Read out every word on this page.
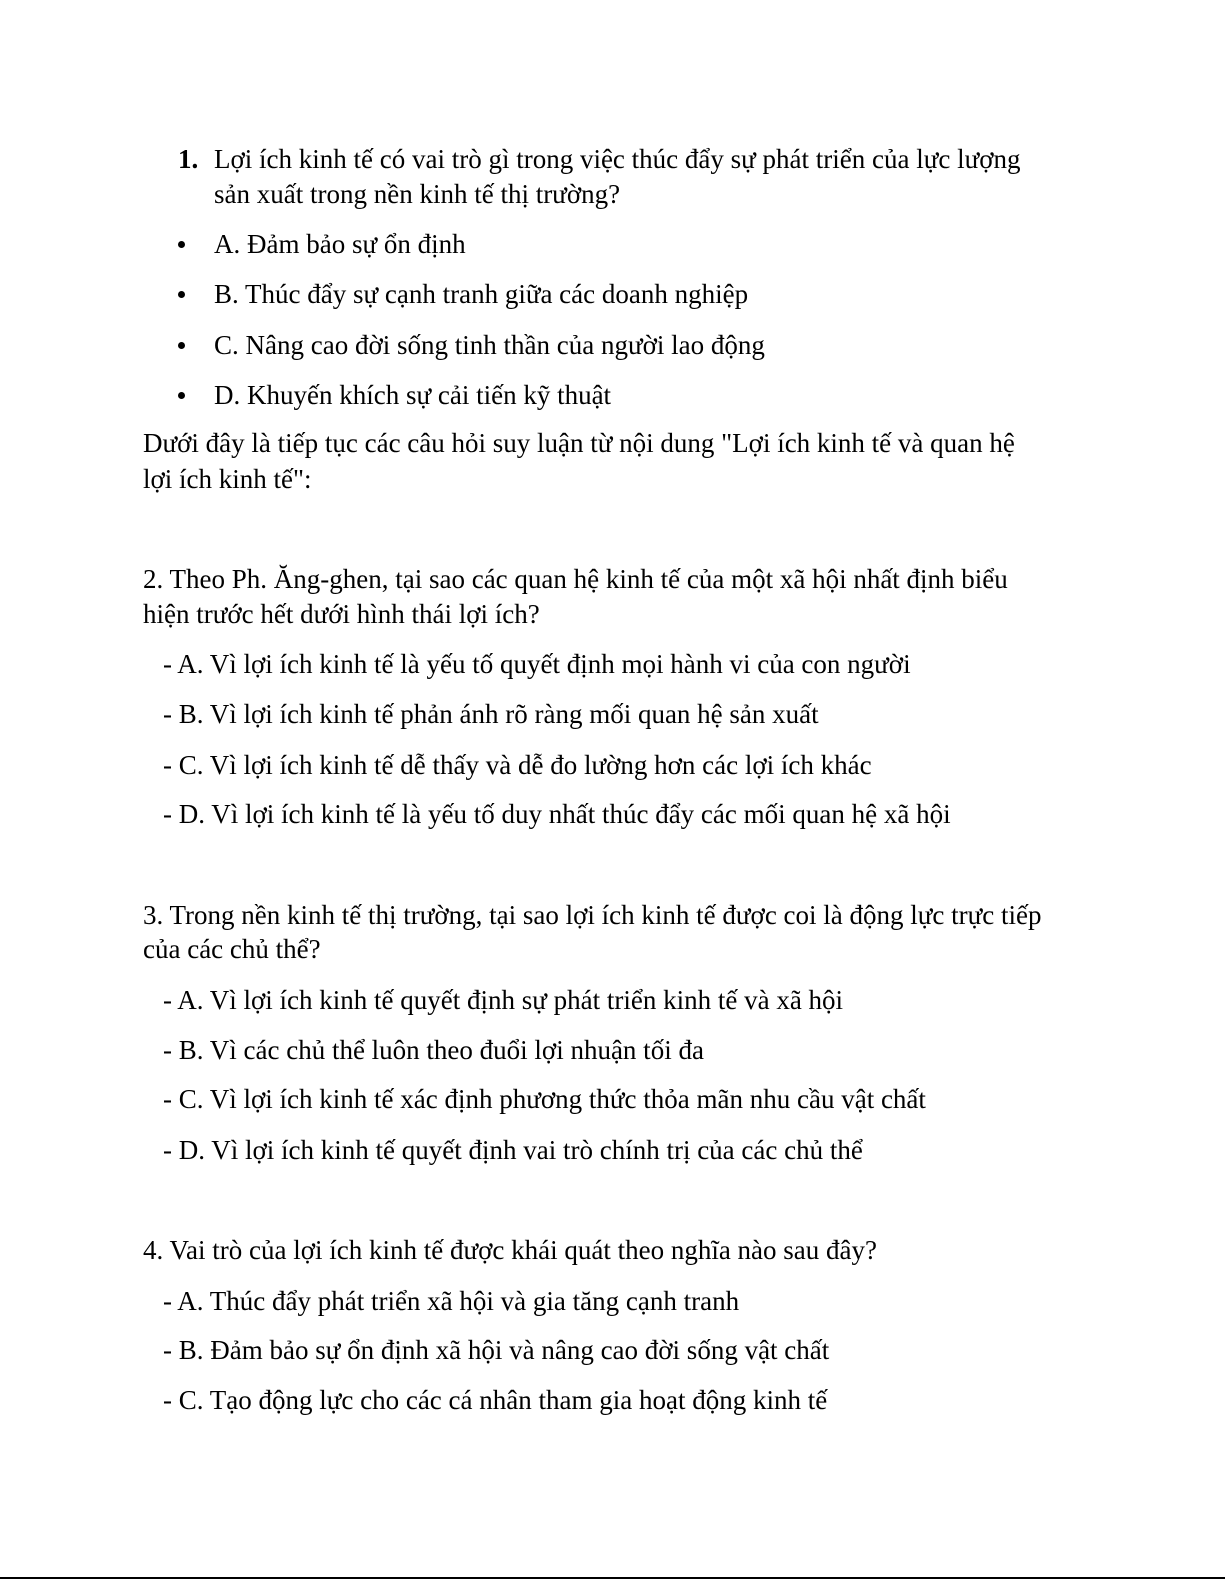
1. Lợi ích kinh tế có vai trò gì trong việc thúc đẩy sự phát triển của lực lượng
sản xuất trong nền kinh tế thị trường?
A. Đảm bảo sự ổn định
B. Thúc đẩy sự cạnh tranh giữa các doanh nghiệp
C. Nâng cao đời sống tinh thần của người lao động
D. Khuyến khích sự cải tiến kỹ thuật
Dưới đây là tiếp tục các câu hỏi suy luận từ nội dung "Lợi ích kinh tế và quan hệ
lợi ích kinh tế":
2. Theo Ph. Ăng-ghen, tại sao các quan hệ kinh tế của một xã hội nhất định biểu
hiện trước hết dưới hình thái lợi ích?
- A. Vì lợi ích kinh tế là yếu tố quyết định mọi hành vi của con người
- B. Vì lợi ích kinh tế phản ánh rõ ràng mối quan hệ sản xuất
- C. Vì lợi ích kinh tế dễ thấy và dễ đo lường hơn các lợi ích khác
- D. Vì lợi ích kinh tế là yếu tố duy nhất thúc đẩy các mối quan hệ xã hội
3. Trong nền kinh tế thị trường, tại sao lợi ích kinh tế được coi là động lực trực tiếp
của các chủ thể?
- A. Vì lợi ích kinh tế quyết định sự phát triển kinh tế và xã hội
- B. Vì các chủ thể luôn theo đuổi lợi nhuận tối đa
- C. Vì lợi ích kinh tế xác định phương thức thỏa mãn nhu cầu vật chất
- D. Vì lợi ích kinh tế quyết định vai trò chính trị của các chủ thể
4. Vai trò của lợi ích kinh tế được khái quát theo nghĩa nào sau đây?
- A. Thúc đẩy phát triển xã hội và gia tăng cạnh tranh
- B. Đảm bảo sự ổn định xã hội và nâng cao đời sống vật chất
- C. Tạo động lực cho các cá nhân tham gia hoạt động kinh tế
